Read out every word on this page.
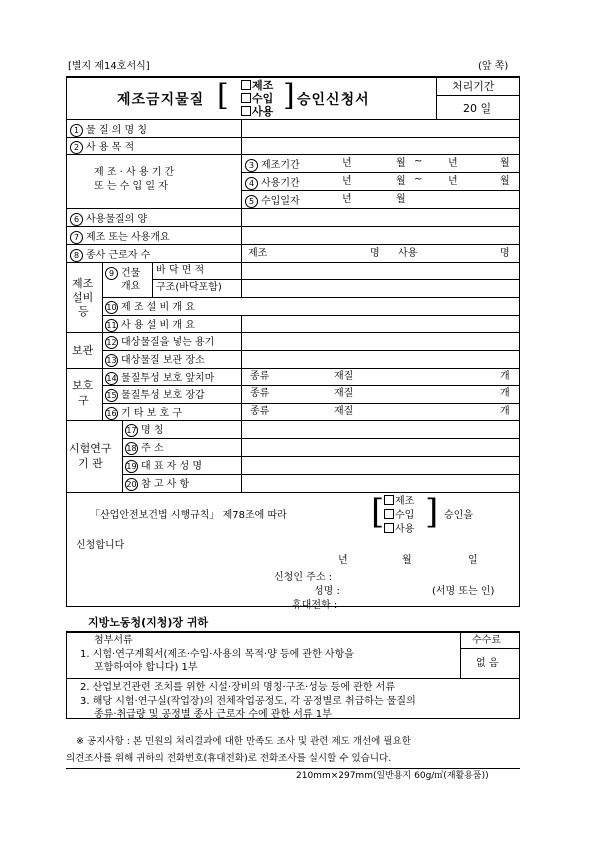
[별지 제14호서식]	(앞 쪽)
제조금지물질 [	제조
수입
사용 ] 승인신청서
처리기간
20 일
1 물 질 의 명 칭
2 사 용 목 적
제 조 · 사 용 기 간
또 는 수 입 일 자
3 제조기간	년	월 ~	년	월
4 사용기간	년	월 ~	년	월
5 수입일자	년	월
6 사용물질의 양
7 제조 또는 사용개요
8 종사 근로자 수	제조	명 사용	명
제조
설비
등
9 건물
개요
바 닥 면 적
구조(바닥포함)
10 제 조 설 비 개 요
11 사 용 설 비 개 요
보관
12 대상물질을 넣는 용기
13 대상물질 보관 장소
보호
구
14 물질투성 보호 앞치마	종류	재질	개
15 물질투성 보호 장갑	종류	재질	개
16 기 타 보 호 구	종류	재질	개
시험연구
기 관
17 명 칭
18 주 소
19 대 표 자 성 명
20 참 고 사 항
「산업안전보건법 시행규칙」 제78조에 따라 [	제조
수입
사용 ] 승인을
신청합니다
년	월	일
신청인 주소 :
성명 :	(서명 또는 인)
휴대전화 :
지방노동청(지청)장 귀하
첨부서류
1. 시험·연구계획서(제조·수입·사용의 목적·양 등에 관한 사항을
포함하여야 합니다) 1부
2. 산업보건관련 조치를 위한 시설·장비의 명칭·구조·성능 등에 관한 서류
3. 해당 시험·연구실(작업장)의 전체작업공정도, 각 공정별로 취급하는 물질의
종류·취급량 및 공정별 종사 근로자 수에 관한 서류 1부
수수료
없 음
※ 공지사항 : 본 민원의 처리결과에 대한 만족도 조사 및 관련 제도 개선에 필요한
의견조사를 위해 귀하의 전화번호(휴대전화)로 전화조사를 실시할 수 있습니다.
210mm×297mm(일반용지 60g/㎡(재활용품))
